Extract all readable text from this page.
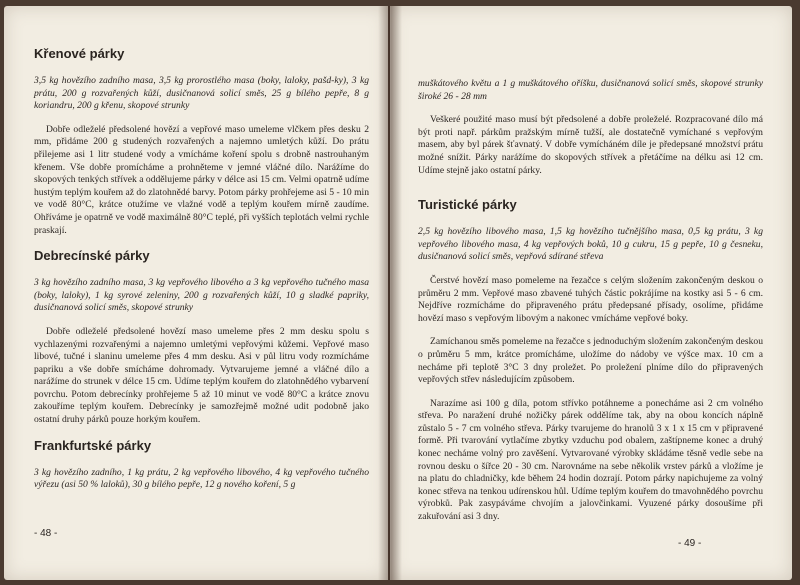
Křenové párky

3,5 kg hovězího zadního masa, 3,5 kg prorostlého masa (boky, laloky, pašd-ky), 3 kg prátu, 200 g rozvařených kůží, dusičnanová solicí směs, 25 g bílého pepře, 8 g koriandru, 200 g křenu, skopové strunky

Dobře odleželé předsolené hovězí a vepřové maso umeleme vlčkem přes desku 2 mm, přidáme 200 g studených rozvařených a najemno umletých kůží. Do prátu přilejeme asi 1 litr studené vody a vmícháme koření spolu s drobně nastrouhaným křenem. Vše dobře promícháme a prohněteme v jemné vláčné dílo. Narážíme do skopových tenkých střívek a oddělujeme párky v délce asi 15 cm. Velmi opatrně udíme hustým teplým kouřem až do zlatohnědé barvy. Potom párky prohřejeme asi 5 - 10 min ve vodě 80°C, krátce otužíme ve vlažné vodě a teplým kouřem mírně zaudíme. Ohříváme je opatrně ve vodě maximálně 80°C teplé, při vyšších teplotách velmi rychle praskají.

Debrecínské párky

3 kg hovězího zadního masa, 3 kg vepřového libového a 3 kg vepřového tučného masa (boky, laloky), 1 kg syrové zeleniny, 200 g rozvařených kůží, 10 g sladké papriky, dusičnanová solicí směs, skopové strunky

Dobře odleželé předsolené hovězí maso umeleme přes 2 mm desku spolu s vychlazenými rozvařenými a najemno umletými vepřovými kůžemi. Vepřové maso libové, tučné i slaninu umeleme přes 4 mm desku. Asi v půl litru vody rozmícháme papriku a vše dobře smícháme dohromady. Vytvarujeme jemné a vláčné dílo a narážíme do strunek v délce 15 cm. Udíme teplým kouřem do zlatohnědého vybarvení povrchu. Potom debrecínky prohřejeme 5 až 10 minut ve vodě 80°C a krátce znovu zakouříme teplým kouřem. Debrecínky je samozřejmě možné udit podobně jako ostatní druhy párků pouze horkým kouřem.

Frankfurtské párky

3 kg hovězího zadního, 1 kg prátu, 2 kg vepřového libového, 4 kg vepřového tučného výřezu (asi 50 % laloků), 30 g bílého pepře, 12 g nového koření, 5 g

- 48 -

muškátového květu a 1 g muškátového oříšku, dusičnanová solicí směs, skopové strunky široké 26 - 28 mm

Veškeré použité maso musí být předsolené a dobře proleželé. Rozpracované dílo má být proti např. párkům pražským mírně tužší, ale dostatečně vymíchané s vepřovým masem, aby byl párek šťavnatý. V dobře vymícháném díle je předepsané množství prátu možné snížit. Párky narážíme do skopových střívek a přetáčíme na délku asi 12 cm. Udíme stejně jako ostatní párky.

Turistické párky

2,5 kg hovězího libového masa, 1,5 kg hovězího tučnějšího masa, 0,5 kg prátu, 3 kg vepřového libového masa, 4 kg vepřových boků, 10 g cukru, 15 g pepře, 10 g česneku, dusičnanová solicí směs, vepřová sdírané střeva

Čerstvé hovězí maso pomeleme na řezačce s celým složením zakončeným deskou o průměru 2 mm. Vepřové maso zbavené tuhých částic pokrájíme na kostky asi 5 - 6 cm. Nejdříve rozmícháme do připraveného prátu předepsané přísady, osolíme, přidáme hovězí maso s vepřovým libovým a nakonec vmícháme vepřové boky.

Zamíchanou směs pomeleme na řezačce s jednoduchým složením zakončeným deskou o průměru 5 mm, krátce promícháme, uložíme do nádoby ve výšce max. 10 cm a necháme při teplotě 3°C 3 dny proležet. Po proležení plníme dílo do připravených vepřových střev následujícím způsobem.

Narazíme asi 100 g díla, potom střívko potáhneme a ponecháme asi 2 cm volného střeva. Po naražení druhé nožičky párek oddělíme tak, aby na obou koncích náplně zůstalo 5 - 7 cm volného střeva. Párky tvarujeme do hranolů 3 x 1 x 15 cm v připravené formě. Při tvarování vytlačíme zbytky vzduchu pod obalem, zaštípneme konec a druhý konec necháme volný pro zavěšení. Vytvarované výrobky skládáme těsně vedle sebe na rovnou desku o šířce 20 - 30 cm. Narovnáme na sebe několik vrstev párků a vložíme je na platu do chladničky, kde během 24 hodin dozrají. Potom párky napichujeme za volný konec střeva na tenkou udírenskou hůl. Udíme teplým kouřem do tmavohnědého povrchu výrobků. Pak zasypáváme chvojím a jalovčinkami. Vyuzené párky dosoušíme při zakuřování asi 3 dny.

- 49 -
